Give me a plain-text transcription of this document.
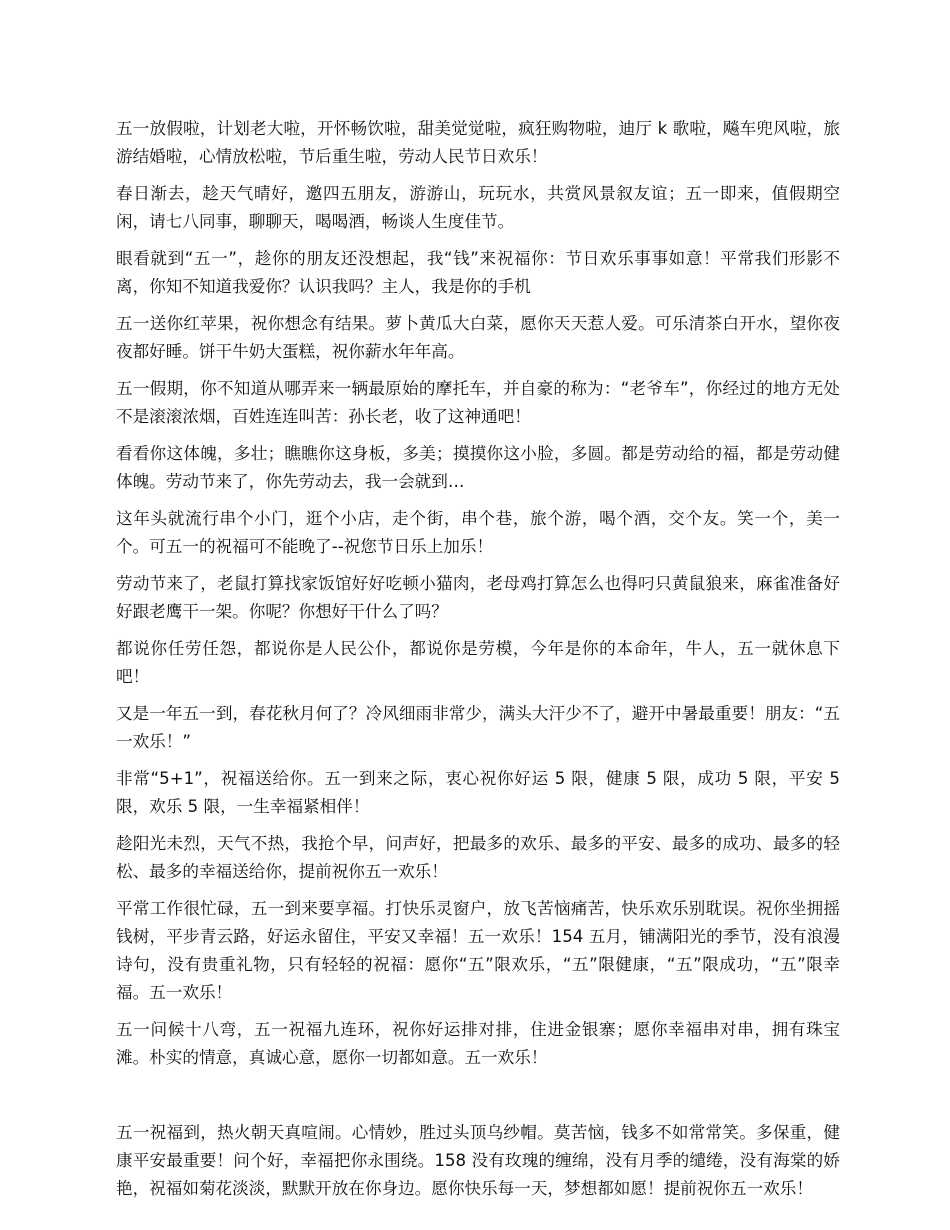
五一放假啦，计划老大啦，开怀畅饮啦，甜美觉觉啦，疯狂购物啦，迪厅 k 歌啦，飚车兜风啦，旅游结婚啦，心情放松啦，节后重生啦，劳动人民节日欢乐！

春日渐去，趁天气晴好，邀四五朋友，游游山，玩玩水，共赏风景叙友谊；五一即来，值假期空闲，请七八同事，聊聊天，喝喝酒，畅谈人生度佳节。

眼看就到“五一”，趁你的朋友还没想起，我“钱”来祝福你：节日欢乐事事如意！平常我们形影不离，你知不知道我爱你？认识我吗？主人，我是你的手机

五一送你红苹果，祝你想念有结果。萝卜黄瓜大白菜，愿你天天惹人爱。可乐清茶白开水，望你夜夜都好睡。饼干牛奶大蛋糕，祝你薪水年年高。

五一假期，你不知道从哪弄来一辆最原始的摩托车，并自豪的称为：“老爷车”，你经过的地方无处不是滚滚浓烟，百姓连连叫苦：孙长老，收了这神通吧！

看看你这体魄，多壮；瞧瞧你这身板，多美；摸摸你这小脸，多圆。都是劳动给的福，都是劳动健体魄。劳动节来了，你先劳动去，我一会就到…

这年头就流行串个小门，逛个小店，走个街，串个巷，旅个游，喝个酒，交个友。笑一个，美一个。可五一的祝福可不能晚了--祝您节日乐上加乐！

劳动节来了，老鼠打算找家饭馆好好吃顿小猫肉，老母鸡打算怎么也得叼只黄鼠狼来，麻雀准备好好跟老鹰干一架。你呢？你想好干什么了吗？

都说你任劳任怨，都说你是人民公仆，都说你是劳模，今年是你的本命年，牛人，五一就休息下吧！

又是一年五一到，春花秋月何了？冷风细雨非常少，满头大汗少不了，避开中暑最重要！朋友：“五一欢乐！”

非常“5+1”，祝福送给你。五一到来之际，衷心祝你好运 5 限，健康 5 限，成功 5 限，平安 5 限，欢乐 5 限，一生幸福紧相伴！

趁阳光未烈，天气不热，我抢个早，问声好，把最多的欢乐、最多的平安、最多的成功、最多的轻松、最多的幸福送给你，提前祝你五一欢乐！

平常工作很忙碌，五一到来要享福。打快乐灵窗户，放飞苦恼痛苦，快乐欢乐别耽误。祝你坐拥摇钱树，平步青云路，好运永留住，平安又幸福！五一欢乐！154 五月，铺满阳光的季节，没有浪漫诗句，没有贵重礼物，只有轻轻的祝福：愿你“五”限欢乐，“五”限健康，“五”限成功，“五”限幸福。五一欢乐！

五一问候十八弯，五一祝福九连环，祝你好运排对排，住进金银寨；愿你幸福串对串，拥有珠宝滩。朴实的情意，真诚心意，愿你一切都如意。五一欢乐！

五一祝福到，热火朝天真喧闹。心情妙，胜过头顶乌纱帽。莫苦恼，钱多不如常常笑。多保重，健康平安最重要！问个好，幸福把你永围绕。158 没有玫瑰的缠绵，没有月季的缱绻，没有海棠的娇艳，祝福如菊花淡淡，默默开放在你身边。愿你快乐每一天，梦想都如愿！提前祝你五一欢乐！
